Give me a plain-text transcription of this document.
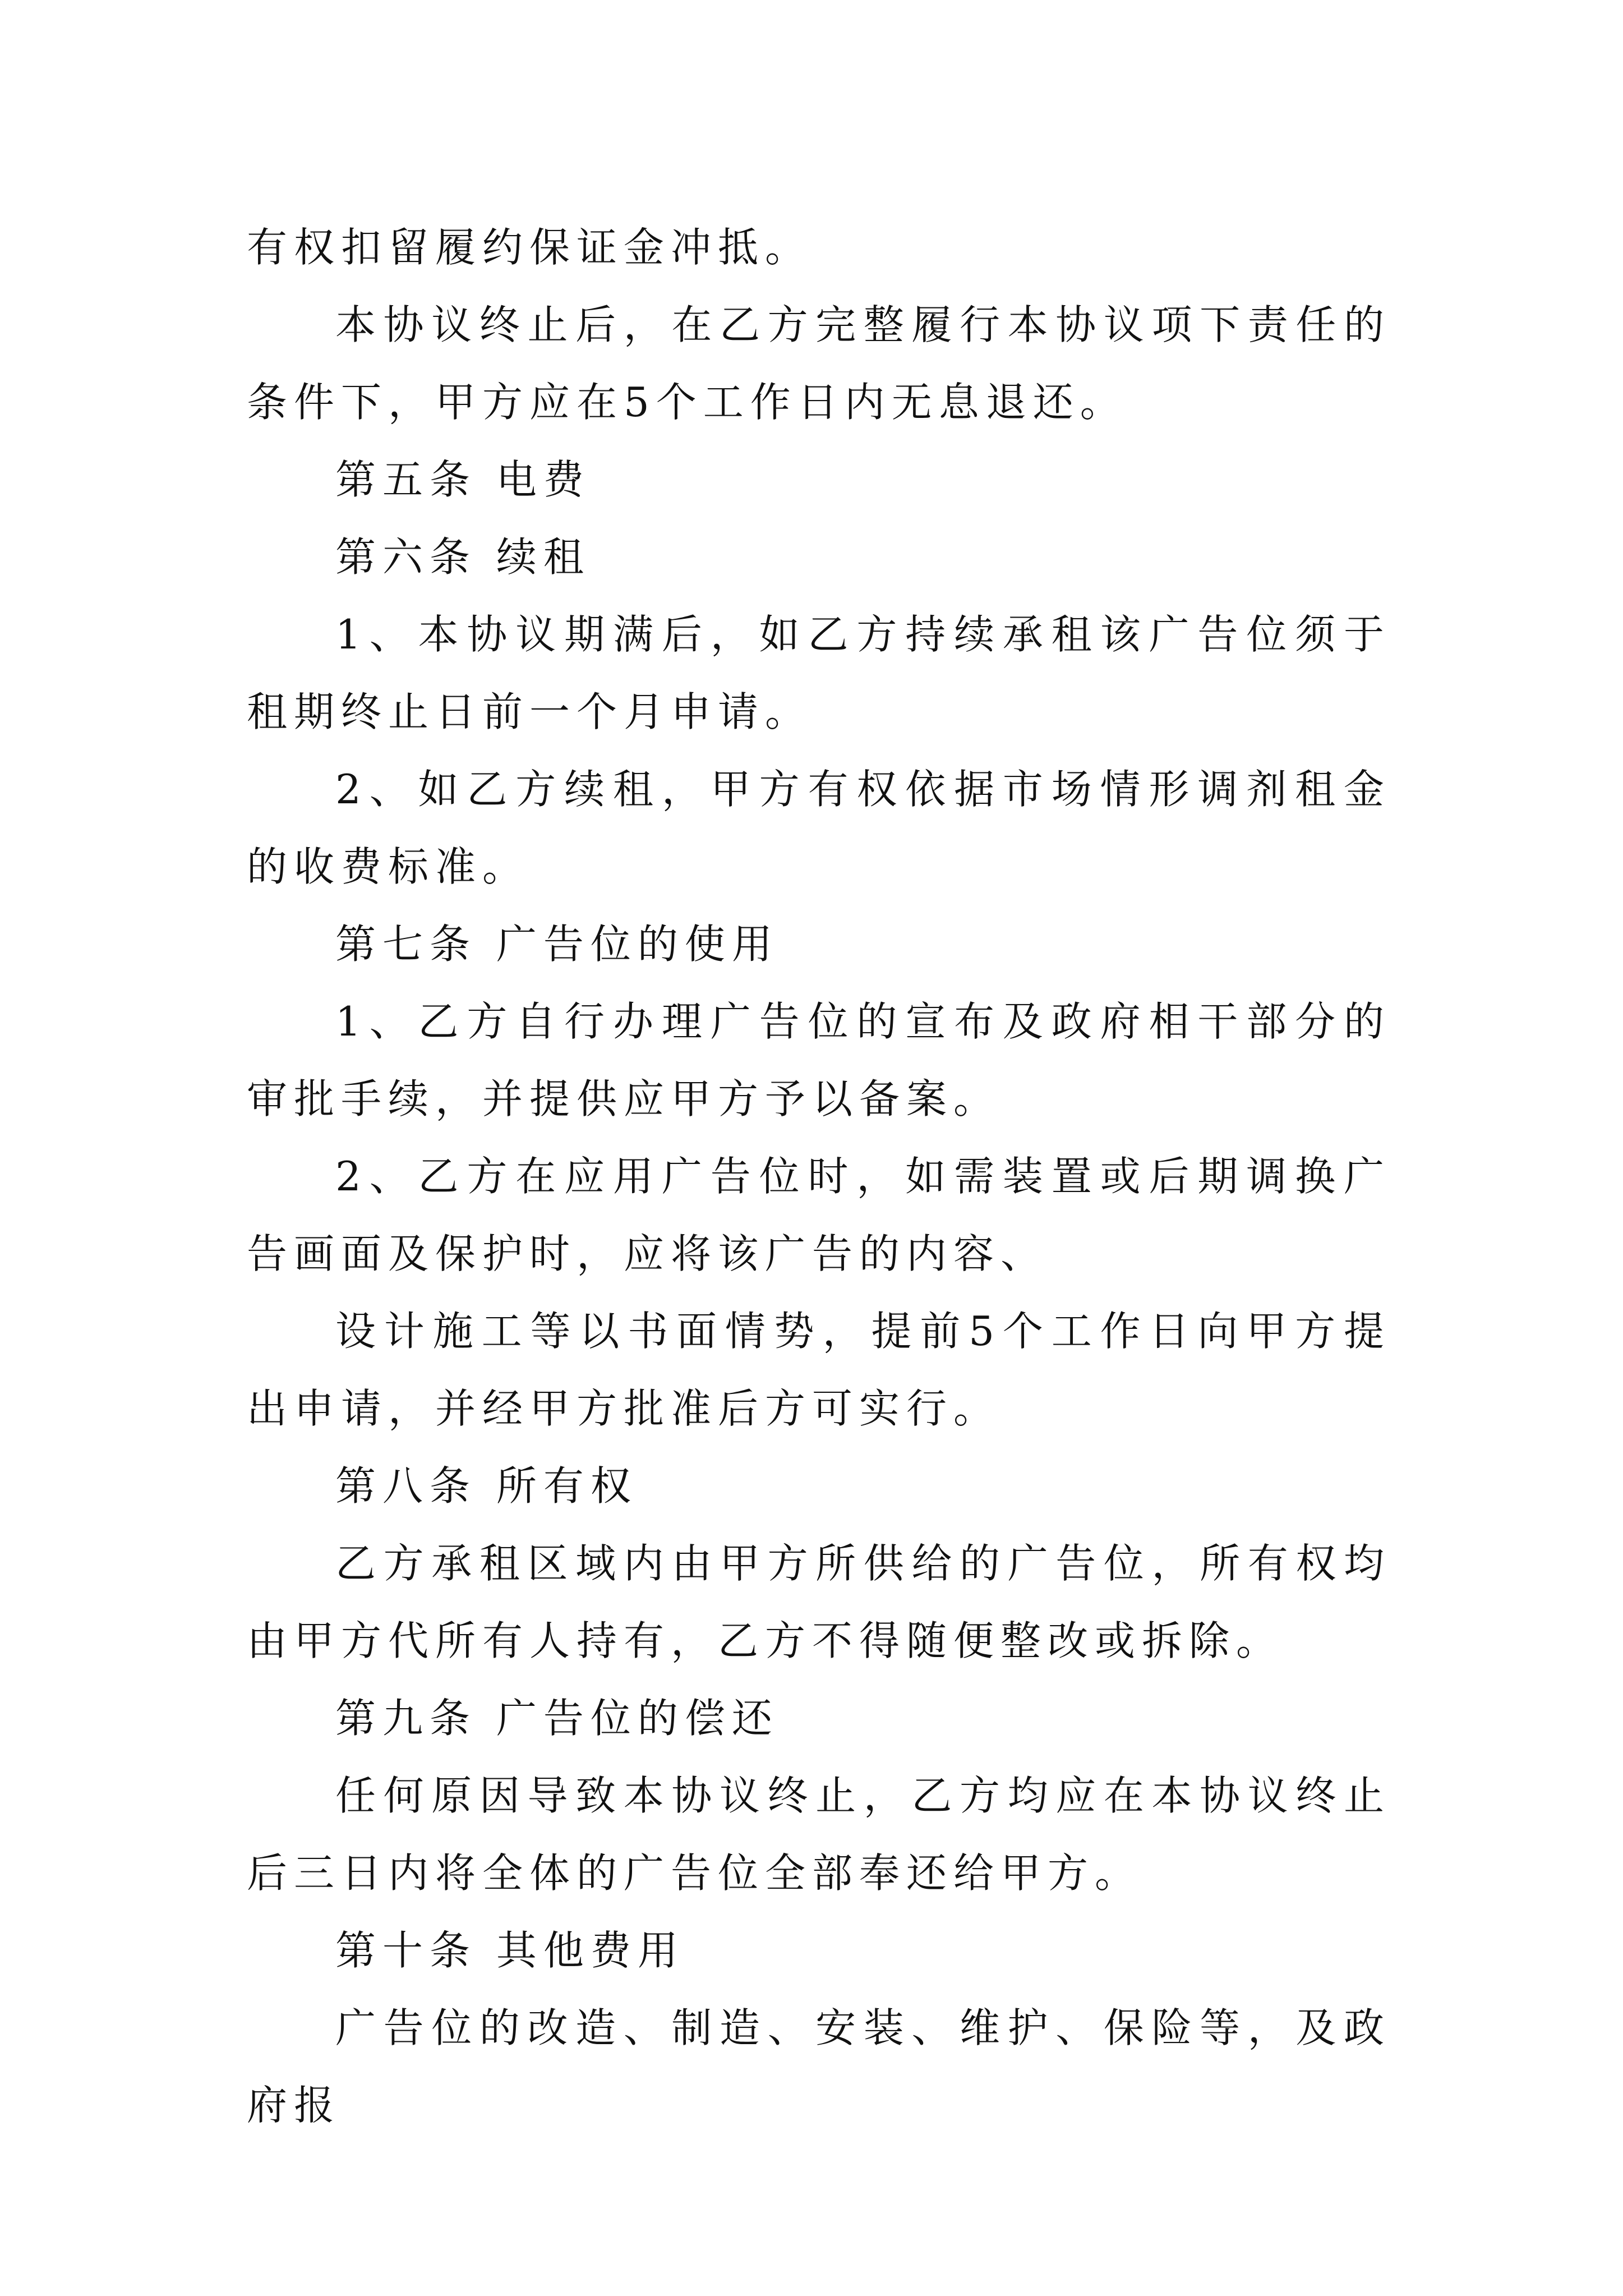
有权扣留履约保证金冲抵。

本协议终止后，在乙方完整履行本协议项下责任的条件下，甲方应在5个工作日内无息退还。

第五条 电费

第六条 续租

1、本协议期满后，如乙方持续承租该广告位须于租期终止日前一个月申请。

2、如乙方续租，甲方有权依据市场情形调剂租金的收费标准。

第七条 广告位的使用

1、乙方自行办理广告位的宣布及政府相干部分的审批手续，并提供应甲方予以备案。

2、乙方在应用广告位时，如需装置或后期调换广告画面及保护时，应将该广告的内容、

设计施工等以书面情势，提前5个工作日向甲方提出申请，并经甲方批准后方可实行。

第八条 所有权

乙方承租区域内由甲方所供给的广告位，所有权均由甲方代所有人持有，乙方不得随便整改或拆除。

第九条 广告位的偿还

任何原因导致本协议终止，乙方均应在本协议终止后三日内将全体的广告位全部奉还给甲方。

第十条 其他费用

广告位的改造、制造、安装、维护、保险等，及政府报
